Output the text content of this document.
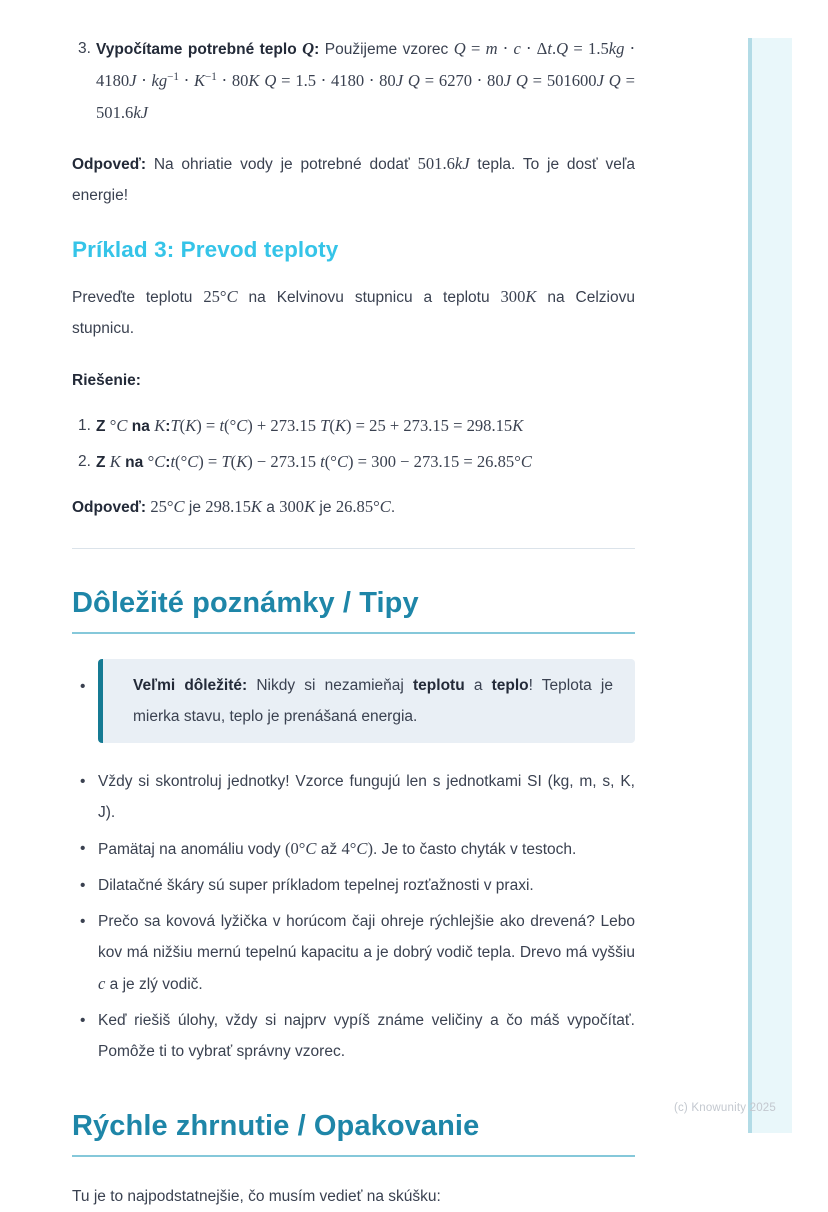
3. Vypočítame potrebné teplo Q: Použijeme vzorec $Q = m \cdot c \cdot \Delta t.Q = 1.5kg \cdot 4180J \cdot kg^{-1} \cdot K^{-1} \cdot 80K$ Q = 1.5 ⋅ 4180 ⋅ 80J Q = 6270 ⋅ 80J Q = 501600J Q = 501.6kJ

Odpoveď: Na ohriatie vody je potrebné dodať 501.6kJ tepla. To je dosť veľa energie!

Príklad 3: Prevod teploty

Preveďte teplotu 25°C na Kelvinovu stupnicu a teplotu 300K na Celziovu stupnicu.

Riešenie:

1. Z °C na K:T(K) = t(°C) + 273.15 T(K) = 25 + 273.15 = 298.15K
2. Z K na °C:t(°C) = T(K) − 273.15 t(°C) = 300 − 273.15 = 26.85°C

Odpoveď: 25°C je 298.15K a 300K je 26.85°C.

Dôležité poznámky / Tipy
•	Veľmi dôležité: Nikdy si nezamieňaj teplotu a teplo! Teplota je mierka stavu, teplo je prenášaná energia.
• Vždy si skontroluj jednotky! Vzorce fungujú len s jednotkami SI (kg, m, s, K, J).
• Pamätaj na anomáliu vody (0°C až 4°C). Je to často chyták v testoch.
• Dilatačné škáry sú super príkladom tepelnej rozťažnosti v praxi.
• Prečo sa kovová lyžička v horúcom čaji ohreje rýchlejšie ako drevená? Lebo kov má nižšiu mernú tepelnú kapacitu a je dobrý vodič tepla. Drevo má vyššiu c a je zlý vodič.
• Keď riešiš úlohy, vždy si najprv vypíš známe veličiny a čo máš vypočítať. Pomôže ti to vybrať správny vzorec.
Rýchle zhrnutie / Opakovanie

Tu je to najpodstatnejšie, čo musím vedieť na skúšku:

(c) Knowunity 2025
